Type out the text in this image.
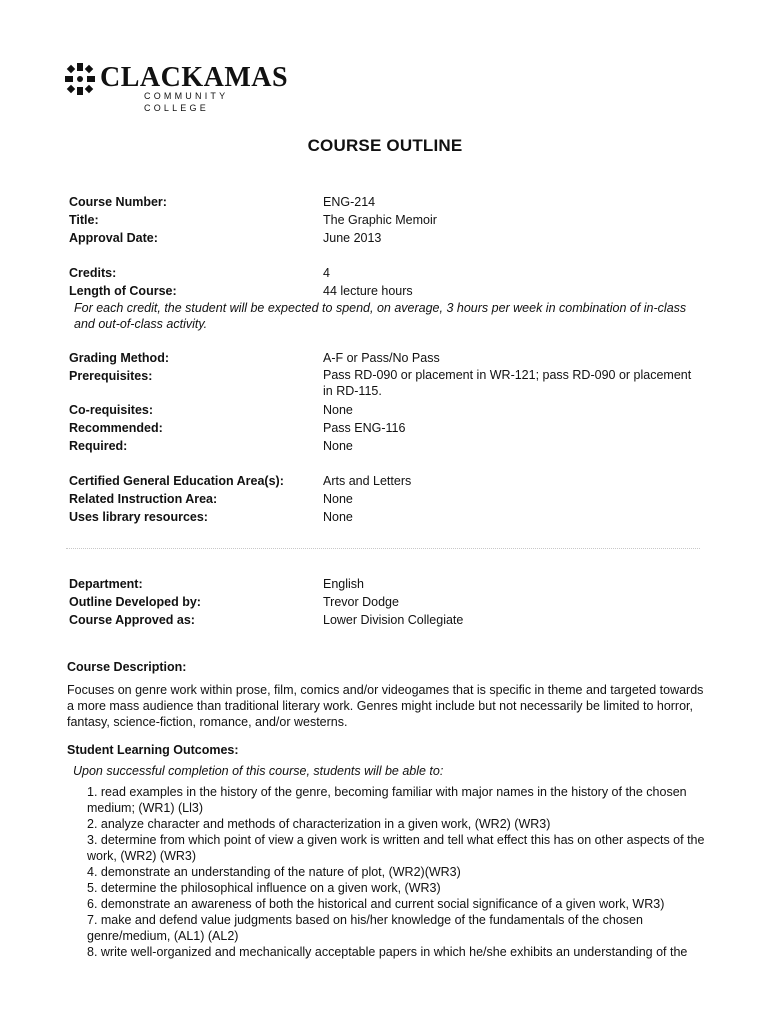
CLACKAMAS
COMMUNITY COLLEGE
COURSE OUTLINE
Course Number:	ENG-214
Title:	The Graphic Memoir
Approval Date:	June 2013
Credits:	4
Length of Course:	44 lecture hours
For each credit, the student will be expected to spend, on average, 3 hours per week in combination of in-class and out-of-class activity.
Grading Method:	A-F or Pass/No Pass
Prerequisites:	Pass RD-090 or placement in WR-121; pass RD-090 or placement in RD-115.
Co-requisites:	None
Recommended:	Pass ENG-116
Required:	None
Certified General Education Area(s):	Arts and Letters
Related Instruction Area:	None
Uses library resources:	None
Department:	English
Outline Developed by:	Trevor Dodge
Course Approved as:	Lower Division Collegiate
Course Description:
Focuses on genre work within prose, film, comics and/or videogames that is specific in theme and targeted towards a more mass audience than traditional literary work. Genres might include but not necessarily be limited to horror, fantasy, science-fiction, romance, and/or westerns.
Student Learning Outcomes:
Upon successful completion of this course, students will be able to:
1. read examples in the history of the genre, becoming familiar with major names in the history of the chosen medium; (WR1) (Ll3)
2. analyze character and methods of characterization in a given work, (WR2) (WR3)
3. determine from which point of view a given work is written and tell what effect this has on other aspects of the work, (WR2) (WR3)
4. demonstrate an understanding of the nature of plot, (WR2)(WR3)
5. determine the philosophical influence on a given work, (WR3)
6. demonstrate an awareness of both the historical and current social significance of a given work, WR3)
7. make and defend value judgments based on his/her knowledge of the fundamentals of the chosen genre/medium, (AL1) (AL2)
8. write well-organized and mechanically acceptable papers in which he/she exhibits an understanding of the
